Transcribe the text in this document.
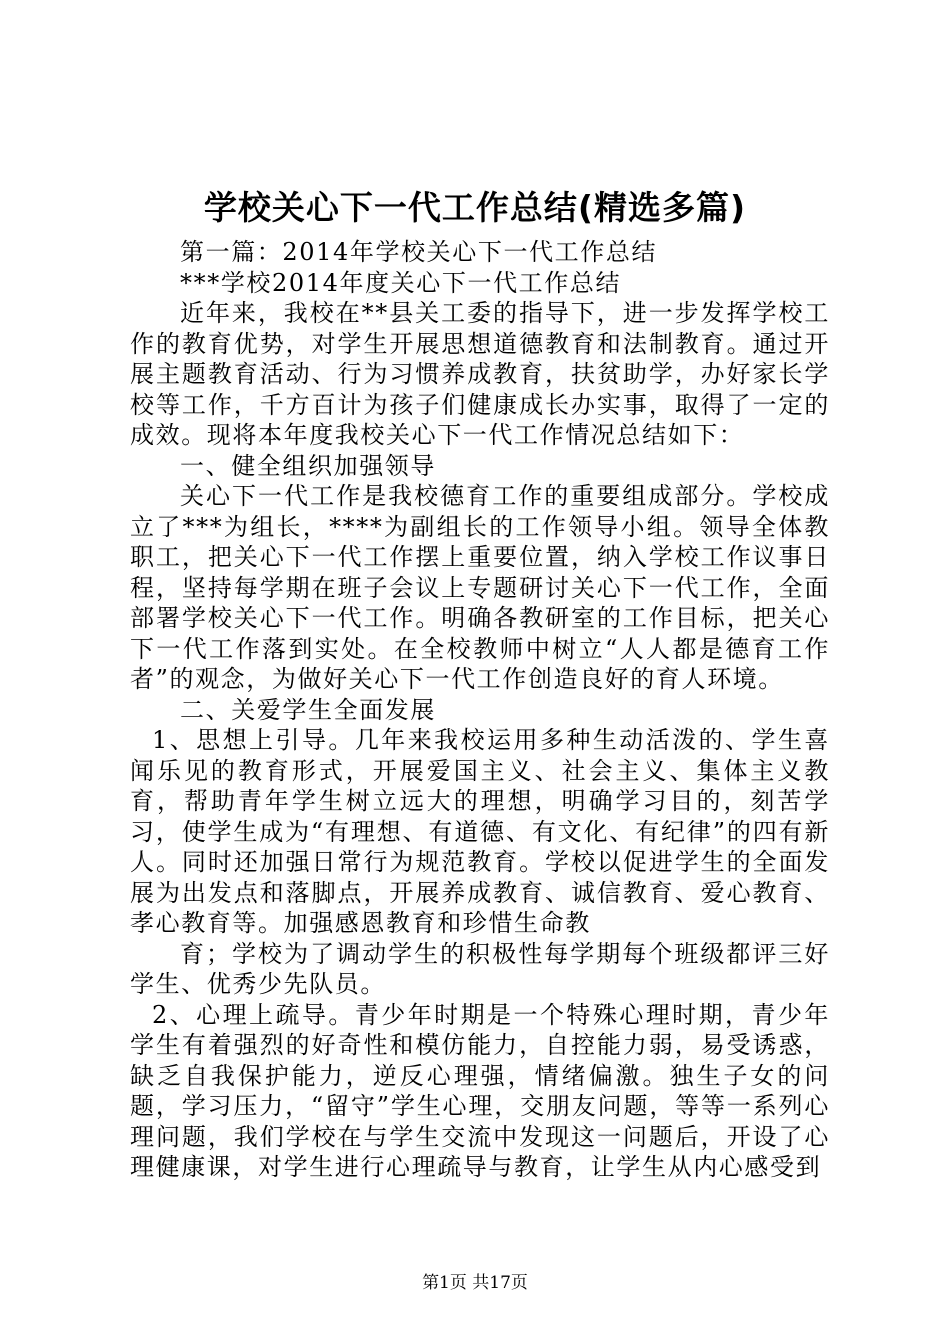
学校关心下一代工作总结(精选多篇)

第一篇：2014年学校关心下一代工作总结

***学校2014年度关心下一代工作总结

近年来，我校在**县关工委的指导下，进一步发挥学校工作的教育优势，对学生开展思想道德教育和法制教育。通过开展主题教育活动、行为习惯养成教育，扶贫助学，办好家长学校等工作，千方百计为孩子们健康成长办实事，取得了一定的成效。现将本年度我校关心下一代工作情况总结如下：

一、健全组织加强领导

关心下一代工作是我校德育工作的重要组成部分。学校成立了***为组长，****为副组长的工作领导小组。领导全体教职工，把关心下一代工作摆上重要位置，纳入学校工作议事日程，坚持每学期在班子会议上专题研讨关心下一代工作，全面部署学校关心下一代工作。明确各教研室的工作目标，把关心下一代工作落到实处。在全校教师中树立“人人都是德育工作者”的观念，为做好关心下一代工作创造良好的育人环境。

二、关爱学生全面发展

1、思想上引导。几年来我校运用多种生动活泼的、学生喜闻乐见的教育形式，开展爱国主义、社会主义、集体主义教育，帮助青年学生树立远大的理想，明确学习目的，刻苦学习，使学生成为“有理想、有道德、有文化、有纪律”的四有新人。同时还加强日常行为规范教育。学校以促进学生的全面发展为出发点和落脚点，开展养成教育、诚信教育、爱心教育、孝心教育等。加强感恩教育和珍惜生命教

育；学校为了调动学生的积极性每学期每个班级都评三好学生、优秀少先队员。

2、心理上疏导。青少年时期是一个特殊心理时期，青少年学生有着强烈的好奇性和模仿能力，自控能力弱，易受诱惑，缺乏自我保护能力，逆反心理强，情绪偏激。独生子女的问题，学习压力，“留守”学生心理，交朋友问题，等等一系列心理问题，我们学校在与学生交流中发现这一问题后，开设了心理健康课，对学生进行心理疏导与教育，让学生从内心感受到

第1页 共17页
